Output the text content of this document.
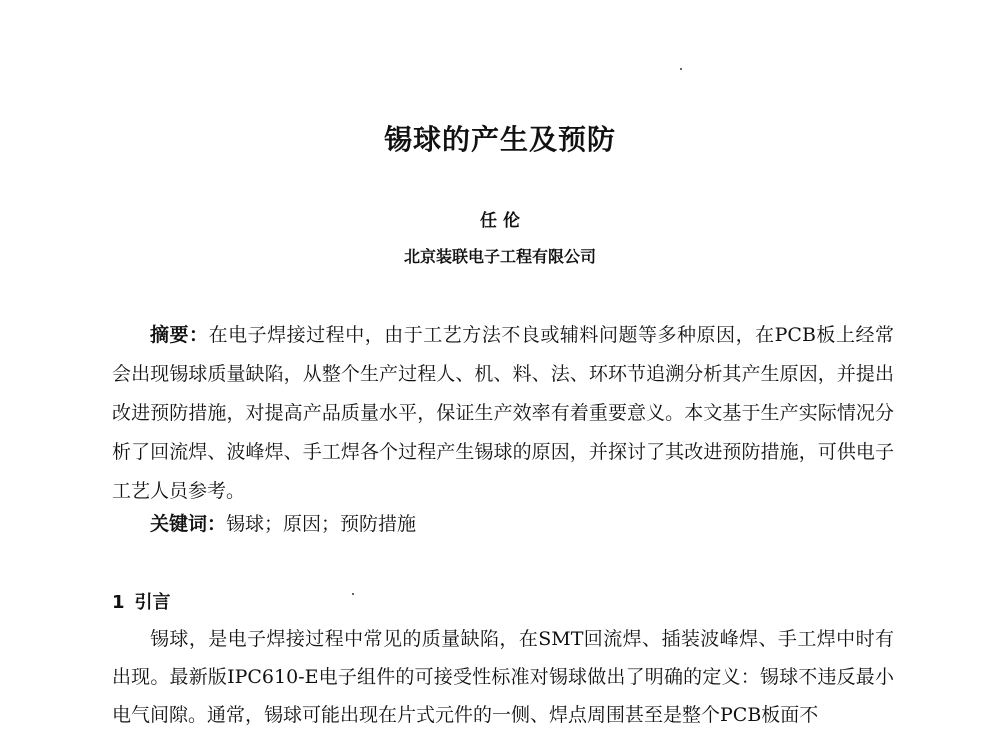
锡球的产生及预防

任 伦

北京装联电子工程有限公司

摘要：在电子焊接过程中，由于工艺方法不良或辅料问题等多种原因，在PCB板上经常会出现锡球质量缺陷，从整个生产过程人、机、料、法、环环节追溯分析其产生原因，并提出改进预防措施，对提高产品质量水平，保证生产效率有着重要意义。本文基于生产实际情况分析了回流焊、波峰焊、手工焊各个过程产生锡球的原因，并探讨了其改进预防措施，可供电子工艺人员参考。

关键词：锡球；原因；预防措施

1 引言

锡球，是电子焊接过程中常见的质量缺陷，在SMT回流焊、插装波峰焊、手工焊中时有出现。最新版IPC610-E电子组件的可接受性标准对锡球做出了明确的定义：锡球不违反最小电气间隙。通常，锡球可能出现在片式元件的一侧、焊点周围甚至是整个PCB板面不
